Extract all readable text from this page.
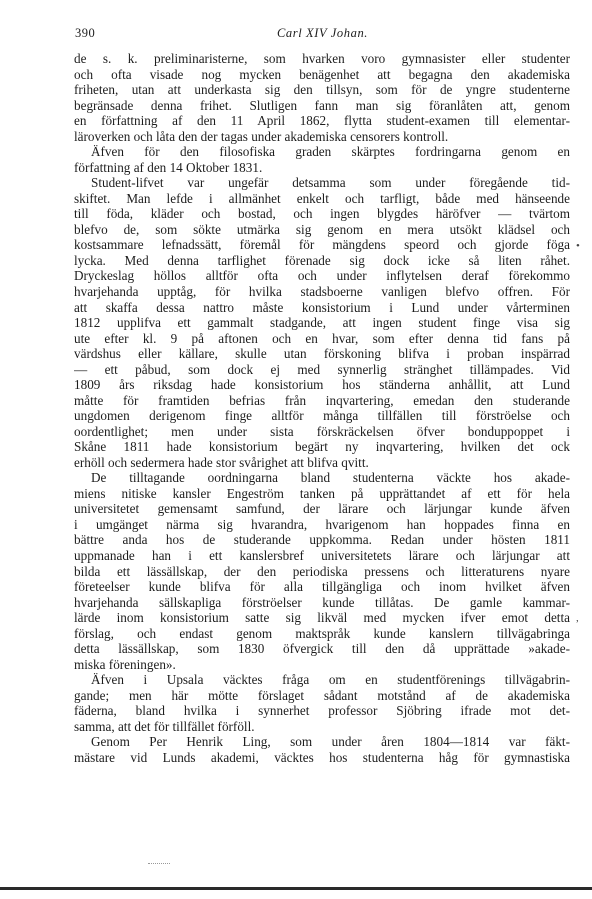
390	Carl XIV Johan.
de s. k. preliminaristerne, som hvarken voro gymnasister eller studenter
och ofta visade nog mycken benägenhet att begagna den akademiska
friheten, utan att underkasta sig den tillsyn, som för de yngre studenterne
begränsade denna frihet. Slutligen fann man sig föranlåten att, genom
en författning af den 11 April 1862, flytta student-examen till elementar-
läroverken och låta den der tagas under akademiska censorers kontroll.
Äfven för den filosofiska graden skärptes fordringarna genom en
författning af den 14 Oktober 1831.
Student-lifvet var ungefär detsamma som under föregående tid-
skiftet. Man lefde i allmänhet enkelt och tarfligt, både med hänseende
till föda, kläder och bostad, och ingen blygdes häröfver — tvärtom
blefvo de, som sökte utmärka sig genom en mera utsökt klädsel och
kostsammare lefnadssätt, föremål för mängdens speord och gjorde föga
lycka. Med denna tarflighet förenade sig dock icke så liten råhet.
Dryckeslag höllos alltför ofta och under inflytelsen deraf förekommo
hvarjehanda upptåg, för hvilka stadsboerne vanligen blefvo offren. För
att skaffa dessa nattro måste konsistorium i Lund under vårterminen
1812 upplifva ett gammalt stadgande, att ingen student finge visa sig
ute efter kl. 9 på aftonen och en hvar, som efter denna tid fans på
värdshus eller källare, skulle utan förskoning blifva i proban inspärrad
— ett påbud, som dock ej med synnerlig stränghet tillämpades. Vid
1809 års riksdag hade konsistorium hos ständerna anhållit, att Lund
måtte för framtiden befrias från inqvartering, emedan den studerande
ungdomen derigenom finge alltför många tillfällen till förströelse och
oordentlighet; men under sista förskräckelsen öfver bonduppoppet i
Skåne 1811 hade konsistorium begärt ny inqvartering, hvilken det ock
erhöll och sedermera hade stor svårighet att blifva qvitt.
De tilltagande oordningarna bland studenterna väckte hos akade-
miens nitiske kansler Engeström tanken på upprättandet af ett för hela
universitetet gemensamt samfund, der lärare och lärjungar kunde äfven
i umgänget närma sig hvarandra, hvarigenom han hoppades finna en
bättre anda hos de studerande uppkomma. Redan under hösten 1811
uppmanade han i ett kanslersbref universitetets lärare och lärjungar att
bilda ett lässällskap, der den periodiska pressens och litteraturens nyare
företeelser kunde blifva för alla tillgängliga och inom hvilket äfven
hvarjehanda sällskapliga förströelser kunde tillåtas. De gamle kammar-
lärde inom konsistorium satte sig likväl med mycken ifver emot detta
förslag, och endast genom maktspråk kunde kanslern tillvägabringa
detta lässällskap, som 1830 öfvergick till den då upprättade »akade-
miska föreningen».
Äfven i Upsala väcktes fråga om en studentförenings tillvägabrin-
gande; men här mötte förslaget sådant motstånd af de akademiska
fäderna, bland hvilka i synnerhet professor Sjöbring ifrade mot det-
samma, att det för tillfället förföll.
Genom Per Henrik Ling, som under åren 1804—1814 var fäkt-
mästare vid Lunds akademi, väcktes hos studenterna håg för gymnastiska
•
,
